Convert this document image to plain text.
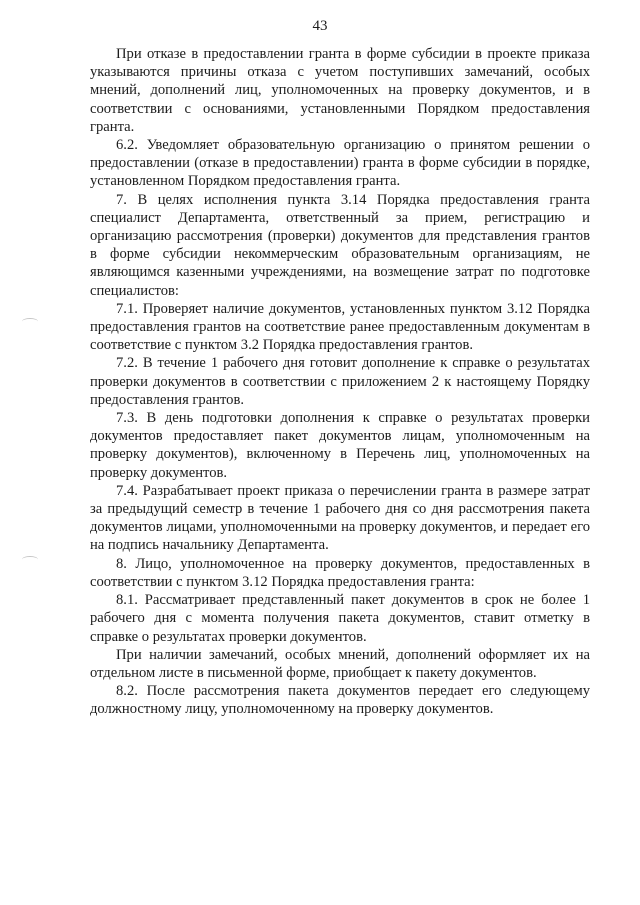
43

При отказе в предоставлении гранта в форме субсидии в проекте приказа указываются причины отказа с учетом поступивших замечаний, особых мнений, дополнений лиц, уполномоченных на проверку документов, и в соответствии с основаниями, установленными Порядком предоставления гранта.

6.2. Уведомляет образовательную организацию о принятом решении о предоставлении (отказе в предоставлении) гранта в форме субсидии в порядке, установленном Порядком предоставления гранта.

7. В целях исполнения пункта 3.14 Порядка предоставления гранта специалист Департамента, ответственный за прием, регистрацию и организацию рассмотрения (проверки) документов для представления грантов в форме субсидии некоммерческим образовательным организациям, не являющимся казенными учреждениями, на возмещение затрат по подготовке специалистов:

7.1. Проверяет наличие документов, установленных пунктом 3.12 Порядка предоставления грантов на соответствие ранее предоставленным документам в соответствие с пунктом 3.2 Порядка предоставления грантов.

7.2. В течение 1 рабочего дня готовит дополнение к справке о результатах проверки документов в соответствии с приложением 2 к настоящему Порядку предоставления грантов.

7.3. В день подготовки дополнения к справке о результатах проверки документов предоставляет пакет документов лицам, уполномоченным на проверку документов), включенному в Перечень лиц, уполномоченных на проверку документов.

7.4. Разрабатывает проект приказа о перечислении гранта в размере затрат за предыдущий семестр в течение 1 рабочего дня со дня рассмотрения пакета документов лицами, уполномоченными на проверку документов, и передает его на подпись начальнику Департамента.

8. Лицо, уполномоченное на проверку документов, предоставленных в соответствии с пунктом 3.12 Порядка предоставления гранта:

8.1. Рассматривает представленный пакет документов в срок не более 1 рабочего дня с момента получения пакета документов, ставит отметку в справке о результатах проверки документов.

При наличии замечаний, особых мнений, дополнений оформляет их на отдельном листе в письменной форме, приобщает к пакету документов.

8.2. После рассмотрения пакета документов передает его следующему должностному лицу, уполномоченному на проверку документов.
